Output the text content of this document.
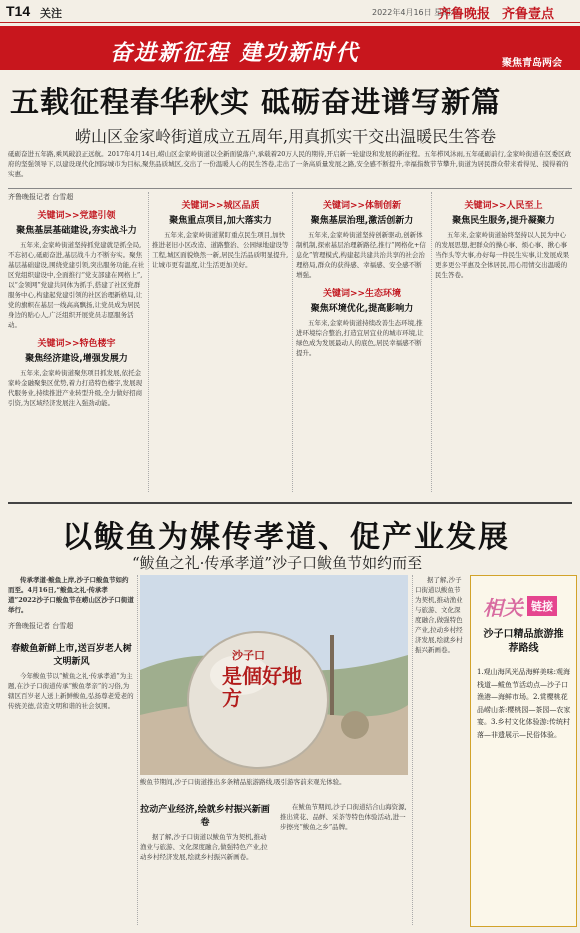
T14 关注	2022年4月16日 星期六
齐鲁晚报 齐鲁壹点
奋进新征程 建功新时代	聚焦青岛两会
五载征程春华秋实 砥砺奋进谱写新篇
崂山区金家岭街道成立五周年,用真抓实干交出温暖民生答卷
砥砺奋进五年路,乘风破浪正远航。2017年4月14日,崂山区金家岭街道以全新面貌落户,承载着20万人民的期待,开启新一轮建设和发展的新征程。五年栉风沐雨,五年砥砺前行,金家岭街道在区委区政府的坚强领导下,以建设现代化国际城市为目标,聚焦品质城区,交出了一份温暖人心的民生答卷,走出了一条高质量发展之路,安全感不断提升,幸福指数节节攀升,街道为居民群众带来看得见、摸得着的实惠。
齐鲁晚报记者 台雪超
关键词>>党建引领
聚焦基层基础建设,夯实战斗力
五年来,金家岭街道坚持抓党建就是抓全局,不忘初心,砥砺奋进,基层战斗力不断夯实。聚焦基层基础建设,围绕党建引领,突出服务功能,在社区党组织建设中,全面推行“党支部建在网格上”,以“金领网”党建共同体为抓手,搭建了社区党群服务中心,构建起党建引领的社区治理新格局,让党的旗帜在基层一线高高飘扬,让党员成为居民身边的贴心人,广泛组织开展党员志愿服务活动。
关键词>>特色楼宇
聚焦经济建设,增强发展力
五年来,金家岭街道聚焦项目抓发展,依托金家岭金融聚集区优势,着力打造特色楼宇,发展现代服务业,持续推进产业转型升级,全力做好招商引资,为区域经济发展注入强劲动能。
关键词>>城区品质
聚焦重点项目,加大落实力
五年来,金家岭街道紧盯重点民生项目,加快推进老旧小区改造、道路整治、公园绿地建设等工程,城区面貌焕然一新,居民生活品质明显提升,让城市更有温度,让生活更加美好。
关键词>>体制创新
聚焦基层治理,激活创新力
五年来,金家岭街道坚持创新驱动,创新体制机制,探索基层治理新路径,推行“网格化+信息化”管理模式,构建起共建共治共享的社会治理格局,群众的获得感、幸福感、安全感不断增强。
关键词>>生态环境
聚焦环境优化,提高影响力
五年来,金家岭街道持续改善生态环境,推进环境综合整治,打造宜居宜业的城市环境,让绿色成为发展最动人的底色,居民幸福感不断提升。
关键词>>人民至上
聚焦民生服务,提升凝聚力
五年来,金家岭街道始终坚持以人民为中心的发展思想,把群众的操心事、烦心事、揪心事当作头等大事,办好每一件民生实事,让发展成果更多更公平惠及全体居民,用心用情交出温暖的民生答卷。
以鲅鱼为媒传孝道、促产业发展
“鲅鱼之礼·传承孝道”沙子口鲅鱼节如约而至
传承孝道·鲅鱼上岸,沙子口鲅鱼节如约而至。4月16日,“鲅鱼之礼·传承孝道”2022沙子口鲅鱼节在崂山区沙子口街道举行。
齐鲁晚报记者 台雪超
春鲅鱼新鲜上市,送百岁老人树文明新风
今年鲅鱼节以“鲅鱼之礼·传承孝道”为主题,在沙子口街道传承“鲅鱼孝亲”的习俗,为辖区百岁老人送上新鲜鲅鱼,弘扬尊老爱老的传统美德,营造文明和谐的社会氛围。
沙子口
是個好地方
鲅鱼节期间,沙子口街道推出多条精品旅游路线,吸引游客前来观光体验。
拉动产业经济,绘就乡村振兴新画卷
据了解,沙子口街道以鲅鱼节为契机,推动渔业与旅游、文化深度融合,做强特色产业,拉动乡村经济发展,绘就乡村振兴新画卷。
在鲅鱼节期间,沙子口街道结合山海资源,推出赏花、品鲜、采茶等特色体验活动,进一步擦亮“鲅鱼之乡”品牌。
据了解,沙子口街道以鲅鱼节为契机,推动渔业与旅游、文化深度融合,做强特色产业,拉动乡村经济发展,绘就乡村振兴新画卷。
相关 链接
沙子口精品旅游推荐路线
1.观山海风光品海鲜美味:观海栈道—鲅鱼节活动点—沙子口渔港—海鲜市场。2.赏樱桃花品崂山茶:樱桃园—茶园—农家宴。3.乡村文化体验游:传统村落—非遗展示—民俗体验。
